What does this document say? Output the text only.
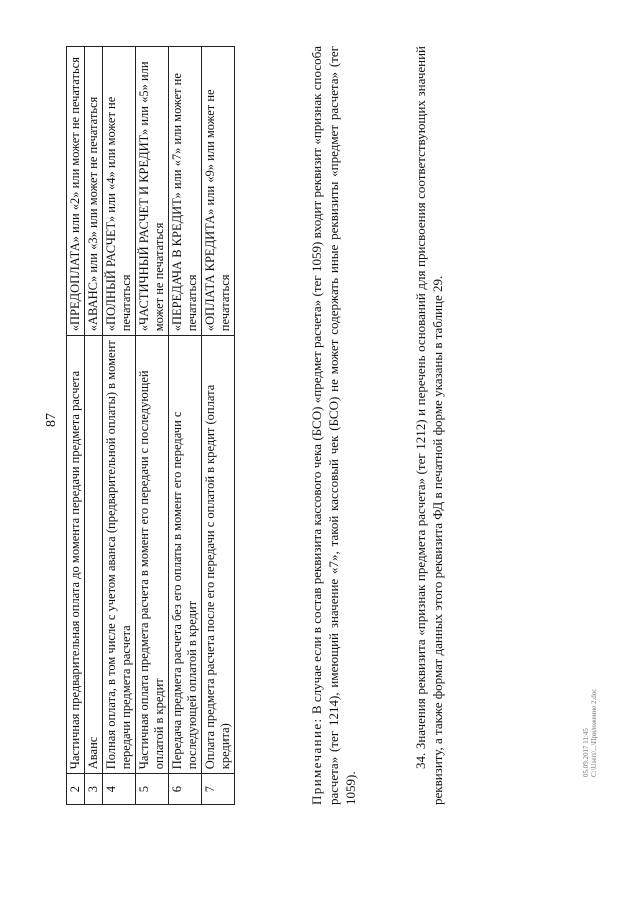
87
2	Частичная предварительная оплата до момента передачи предмета расчета	«ПРЕДОПЛАТА» или «2» или может не печататься
3	Аванс	«АВАНС» или «3» или может не печататься
4	Полная оплата, в том числе с учетом аванса (предварительной оплаты) в момент передачи предмета расчета	«ПОЛНЫЙ РАСЧЕТ» или «4» или может не печататься
5	Частичная оплата предмета расчета в момент его передачи с последующей оплатой в кредит	«ЧАСТИЧНЫЙ РАСЧЕТ И КРЕДИТ» или «5» или может не печататься
6	Передача предмета расчета без его оплаты в момент его передачи с последующей оплатой в кредит	«ПЕРЕДАЧА В КРЕДИТ» или «7» или может не печататься
7	Оплата предмета расчета после его передачи с оплатой в кредит (оплата кредита)	«ОПЛАТА КРЕДИТА» или «9» или может не печататься
Примечание: В случае если в состав реквизита кассового чека (БСО) «предмет расчета» (тег 1059) входит реквизит «признак способа расчета» (тег 1214), имеющий значение «7», такой кассовый чек (БСО) не может содержать иные реквизиты «предмет расчета» (тег 1059).
34. Значения реквизита «признак предмета расчета» (тег 1212) и перечень оснований для присвоения соответствующих значений реквизиту, а также формат данных этого реквизита ФД в печатной форме указаны в таблице 29.	05.09.2017 11:45 C:\Users\...\Приложение 2.doc
